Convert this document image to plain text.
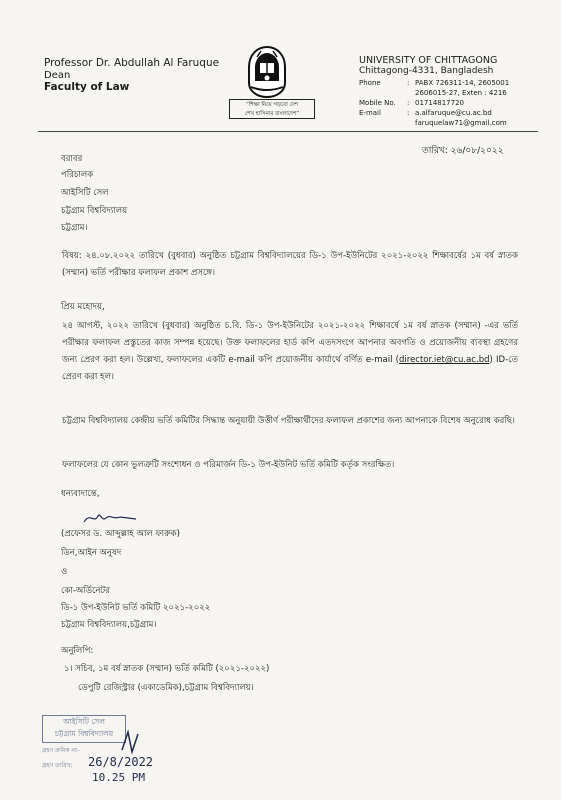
Professor Dr. Abdullah Al Faruque
Dean
Faculty of Law
“শিক্ষা নিয়ে গড়বো দেশ
শেখ হাসিনার বাংলাদেশ”
UNIVERSITY OF CHITTAGONG
Chittagong-4331, Bangladesh
Phone	: PABX 726311-14, 2605001
2606015-27, Exten : 4216
Mobile No. : 01714817720
E-mail	: a.alfaruque@cu.ac.bd
faruquelaw71@gmail.com
তারিখ: ২৬/০৮/২০২২
বরাবর
পরিচালক
আইসিটি সেল
চট্টগ্রাম বিশ্ববিদ্যালয়
চট্টগ্রাম।
বিষয়: ২৪.০৮.২০২২ তারিখে (বুধবার) অনুষ্ঠিত চট্টগ্রাম বিশ্ববিদ্যালয়ের ডি-১ উপ-ইউনিটের ২০২১-২০২২ শিক্ষাবর্ষের ১ম বর্ষ স্নাতক (সম্মান) ভর্তি পরীক্ষার ফলাফল প্রকাশ প্রসঙ্গে।
প্রিয় মহোদয়,
২৪ আগস্ট, ২০২২ তারিখে (বুধবার) অনুষ্ঠিত চ.বি. ডি-১ উপ-ইউনিটের ২০২১-২০২২ শিক্ষাবর্ষে ১ম বর্ষ স্নাতক (সম্মান) -এর ভর্তি পরীক্ষার ফলাফল প্রস্তুতের কাজ সম্পন্ন হয়েছে। উক্ত ফলাফলের হার্ড কপি এতদসংগে আপনার অবগতি ও প্রয়োজনীয় ব্যবস্থা গ্রহণের জন্য প্রেরণ করা হল। উল্লেখ্য, ফলাফলের একটি e-mail কপি প্রয়োজনীয় কার্যার্থে বর্ণিত e-mail (director.iet@cu.ac.bd) ID-তে প্রেরণ করা হল।
চট্টগ্রাম বিশ্ববিদ্যালয় কেন্দ্রীয় ভর্তি কমিটির সিদ্ধান্ত অনুযায়ী উত্তীর্ণ পরীক্ষার্থীদের ফলাফল প্রকাশের জন্য আপনাকে বিশেষ অনুরোধ করছি।
ফলাফলের যে কোন ভুলত্রুটি সংশোধন ও পরিমার্জন ডি-১ উপ-ইউনিট ভর্তি কমিটি কর্তৃক সংরক্ষিত।
ধন্যবাদান্তে,
(প্রফেসর ড. আব্দুল্লাহ আল ফারুক)
ডিন,আইন অনুষদ
ও
কো-অর্ডিনেটর
ডি-১ উপ-ইউনিট ভর্তি কমিটি ২০২১-২০২২
চট্টগ্রাম বিশ্ববিদ্যালয়,চট্টগ্রাম।
অনুলিপি:
১। সচিব, ১ম বর্ষ স্নাতক (সম্মান) ভর্তি কমিটি (২০২১-২০২২)
ডেপুটি রেজিস্ট্রার (একাডেমিক),চট্টগ্রাম বিশ্ববিদ্যালয়।
আইসিটি সেল
চট্টগ্রাম বিশ্ববিদ্যালয়
গ্রহণ ক্রমিক নং-
গ্রহণ তারিখ: 26/8/2022
10.25 PM
